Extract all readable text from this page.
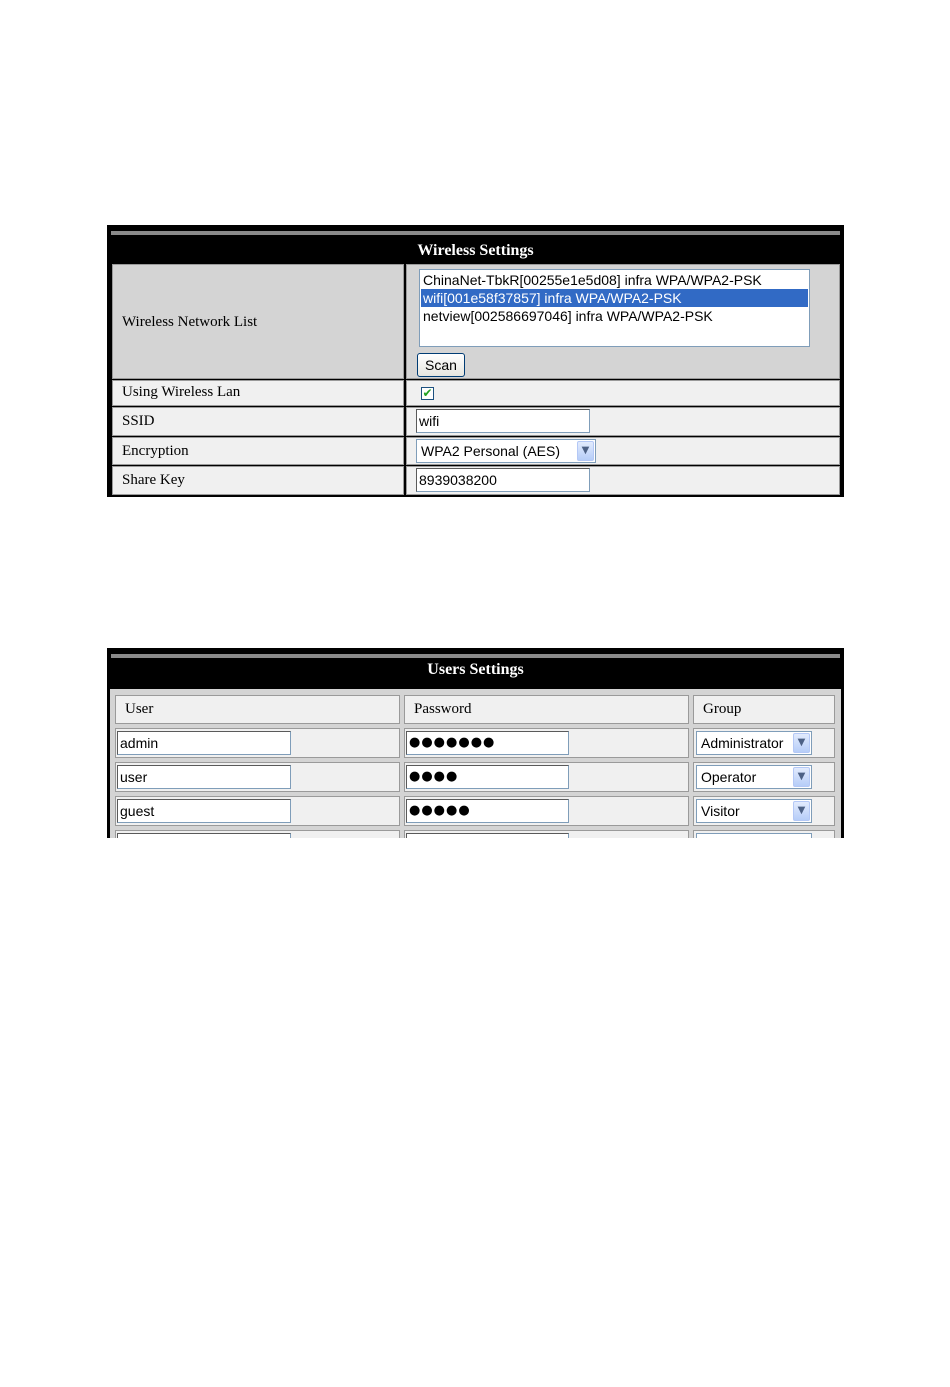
Wireless Settings
Wireless Network List
ChinaNet-TbkR[00255e1e5d08] infra WPA/WPA2-PSK
wifi[001e58f37857] infra WPA/WPA2-PSK
netview[002586697046] infra WPA/WPA2-PSK
Scan
Using Wireless Lan	✔
SSID	wifi
Encryption	WPA2 Personal (AES)	▼
Share Key	8939038200
Users Settings
User	Password	Group
admin	●●●●●●●	Administrator	▼
user	●●●●	Operator	▼
guest	●●●●●	Visitor	▼
